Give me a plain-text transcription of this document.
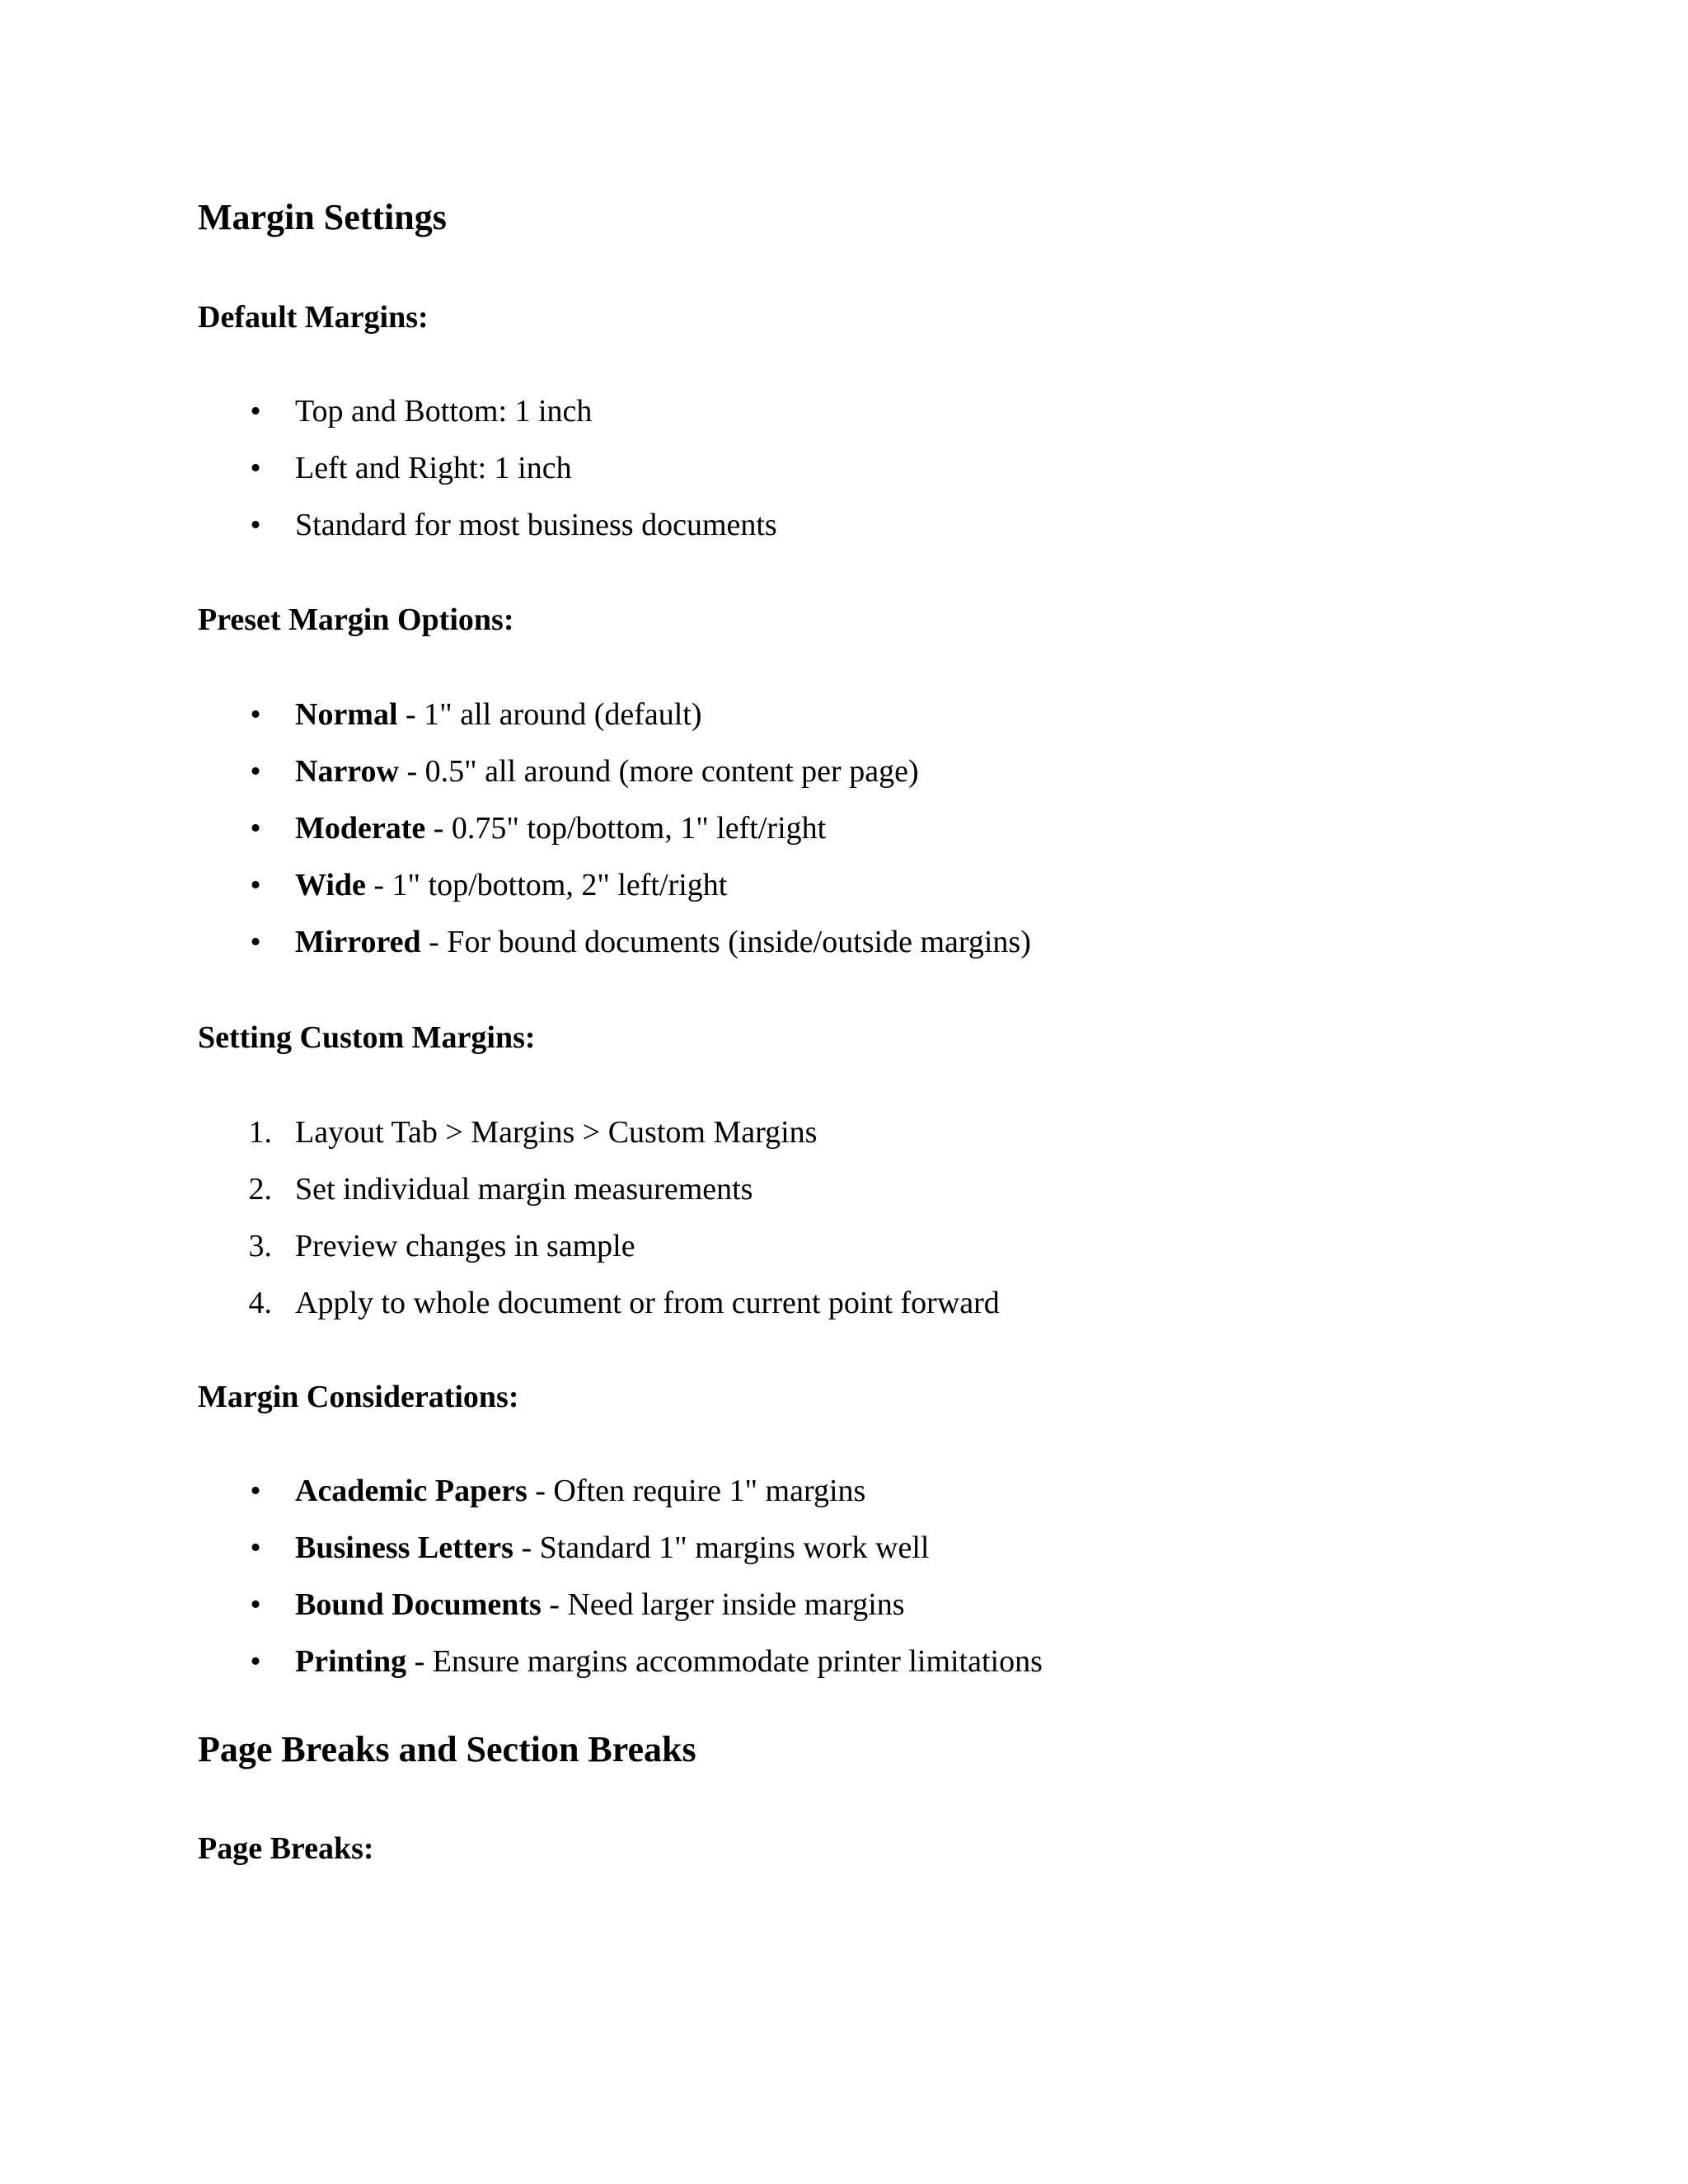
Margin Settings
Default Margins:
•	Top and Bottom: 1 inch
•	Left and Right: 1 inch
•	Standard for most business documents
Preset Margin Options:
•	Normal - 1" all around (default)
•	Narrow - 0.5" all around (more content per page)
•	Moderate - 0.75" top/bottom, 1" left/right
•	Wide - 1" top/bottom, 2" left/right
•	Mirrored - For bound documents (inside/outside margins)
Setting Custom Margins:
1. Layout Tab > Margins > Custom Margins
2. Set individual margin measurements
3. Preview changes in sample
4. Apply to whole document or from current point forward
Margin Considerations:
•	Academic Papers - Often require 1" margins
•	Business Letters - Standard 1" margins work well
•	Bound Documents - Need larger inside margins
•	Printing - Ensure margins accommodate printer limitations
Page Breaks and Section Breaks
Page Breaks:
